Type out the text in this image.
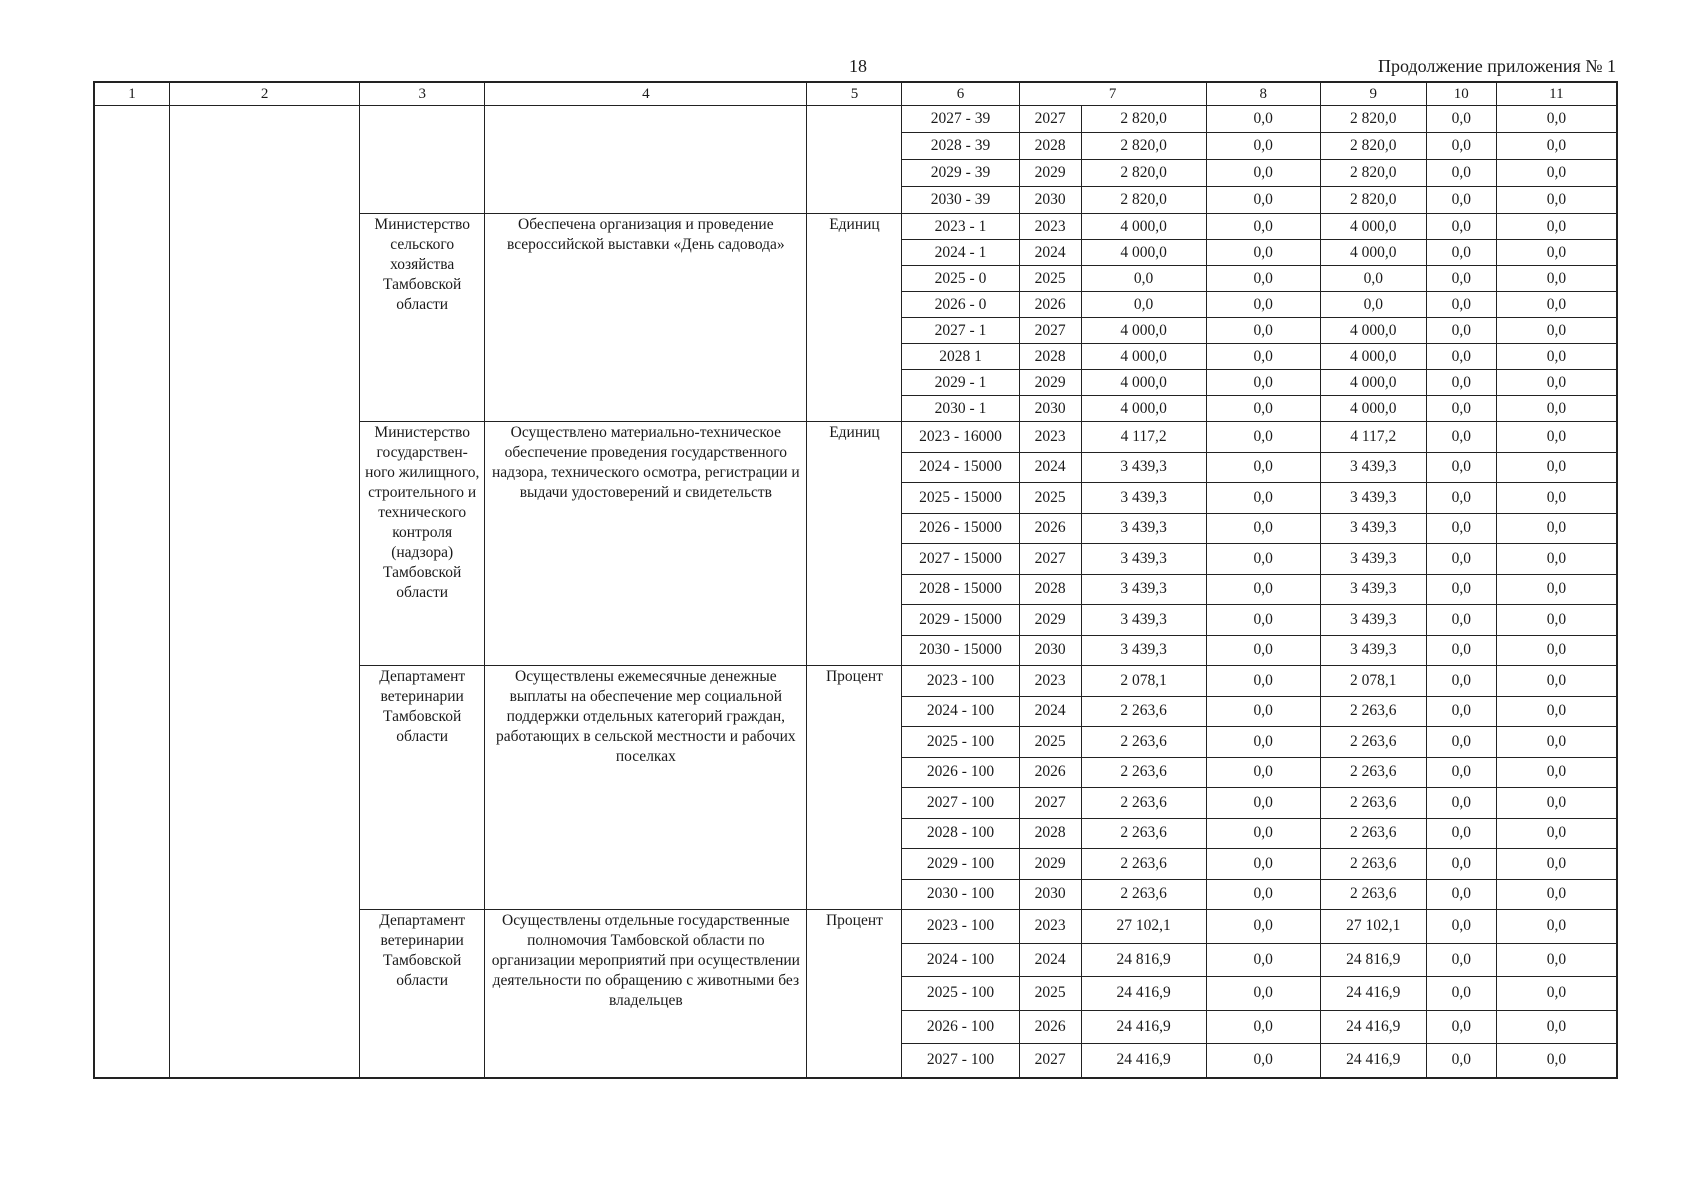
18	Продолжение приложения № 1
1	2	3	4	5	6	7		8	9	10	11
					2027 - 39	2027	2 820,0	0,0	2 820,0	0,0	0,0
					2028 - 39	2028	2 820,0	0,0	2 820,0	0,0	0,0
					2029 - 39	2029	2 820,0	0,0	2 820,0	0,0	0,0
					2030 - 39	2030	2 820,0	0,0	2 820,0	0,0	0,0
		Министерство сельского хозяйства Тамбовской области	Обеспечена организация и проведение всероссийской выставки «День садовода»	Единиц	2023 - 1	2023	4 000,0	0,0	4 000,0	0,0	0,0
					2024 - 1	2024	4 000,0	0,0	4 000,0	0,0	0,0
					2025 - 0	2025	0,0	0,0	0,0	0,0	0,0
					2026 - 0	2026	0,0	0,0	0,0	0,0	0,0
					2027 - 1	2027	4 000,0	0,0	4 000,0	0,0	0,0
					2028 1	2028	4 000,0	0,0	4 000,0	0,0	0,0
					2029 - 1	2029	4 000,0	0,0	4 000,0	0,0	0,0
					2030 - 1	2030	4 000,0	0,0	4 000,0	0,0	0,0
		Министерство государствен-ного жилищного, строительного и технического контроля (надзора) Тамбовской области	Осуществлено материально-техническое обеспечение проведения государственного надзора, технического осмотра, регистрации и выдачи удостоверений и свидетельств	Единиц	2023 - 16000	2023	4 117,2	0,0	4 117,2	0,0	0,0
					2024 - 15000	2024	3 439,3	0,0	3 439,3	0,0	0,0
					2025 - 15000	2025	3 439,3	0,0	3 439,3	0,0	0,0
					2026 - 15000	2026	3 439,3	0,0	3 439,3	0,0	0,0
					2027 - 15000	2027	3 439,3	0,0	3 439,3	0,0	0,0
					2028 - 15000	2028	3 439,3	0,0	3 439,3	0,0	0,0
					2029 - 15000	2029	3 439,3	0,0	3 439,3	0,0	0,0
					2030 - 15000	2030	3 439,3	0,0	3 439,3	0,0	0,0
		Департамент ветеринарии Тамбовской области	Осуществлены ежемесячные денежные выплаты на обеспечение мер социальной поддержки отдельных категорий граждан, работающих в сельской местности и рабочих поселках	Процент	2023 - 100	2023	2 078,1	0,0	2 078,1	0,0	0,0
					2024 - 100	2024	2 263,6	0,0	2 263,6	0,0	0,0
					2025 - 100	2025	2 263,6	0,0	2 263,6	0,0	0,0
					2026 - 100	2026	2 263,6	0,0	2 263,6	0,0	0,0
					2027 - 100	2027	2 263,6	0,0	2 263,6	0,0	0,0
					2028 - 100	2028	2 263,6	0,0	2 263,6	0,0	0,0
					2029 - 100	2029	2 263,6	0,0	2 263,6	0,0	0,0
					2030 - 100	2030	2 263,6	0,0	2 263,6	0,0	0,0
		Департамент ветеринарии Тамбовской области	Осуществлены отдельные государственные полномочия Тамбовской области по организации мероприятий при осуществлении деятельности по обращению с животными без владельцев	Процент	2023 - 100	2023	27 102,1	0,0	27 102,1	0,0	0,0
					2024 - 100	2024	24 816,9	0,0	24 816,9	0,0	0,0
					2025 - 100	2025	24 416,9	0,0	24 416,9	0,0	0,0
					2026 - 100	2026	24 416,9	0,0	24 416,9	0,0	0,0
					2027 - 100	2027	24 416,9	0,0	24 416,9	0,0	0,0
